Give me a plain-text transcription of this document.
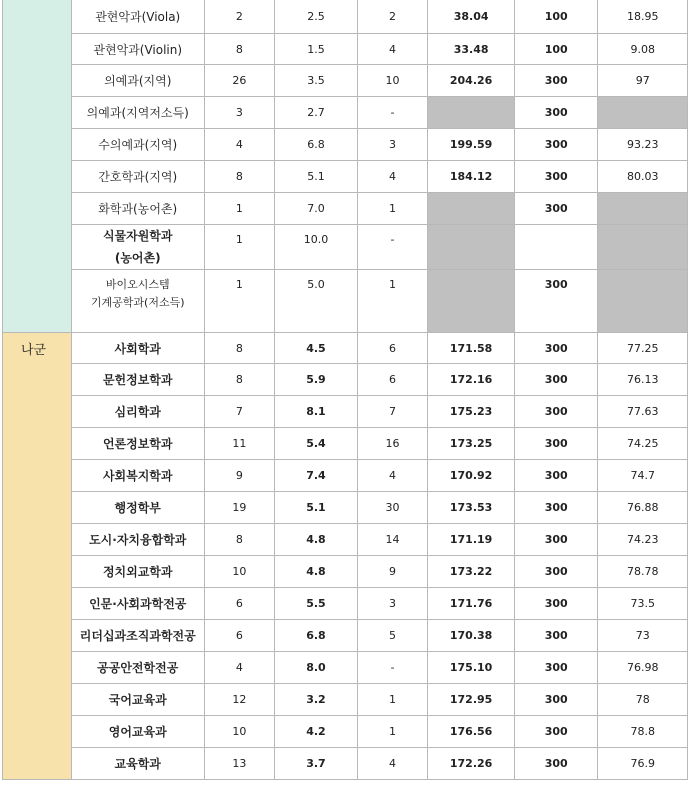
	관현악과(Viola)	2	2.5	2	38.04	100	18.95
	관현악과(Violin)	8	1.5	4	33.48	100	9.08
	의예과(지역)	26	3.5	10	204.26	300	97
	의예과(지역저소득)	3	2.7	-		300	
	수의예과(지역)	4	6.8	3	199.59	300	93.23
	간호학과(지역)	8	5.1	4	184.12	300	80.03
	화학과(농어촌)	1	7.0	1		300	

	식물자원학과
(농어촌)	1	10.0	-			

	바이오시스템
기계공학과(저소득)	1	5.0	1		300	
나군	사회학과	8	4.5	6	171.58	300	77.25
	문헌정보학과	8	5.9	6	172.16	300	76.13
	심리학과	7	8.1	7	175.23	300	77.63
	언론정보학과	11	5.4	16	173.25	300	74.25
	사회복지학과	9	7.4	4	170.92	300	74.7
	행정학부	19	5.1	30	173.53	300	76.88
	도시·자치융합학과	8	4.8	14	171.19	300	74.23
	정치외교학과	10	4.8	9	173.22	300	78.78
	인문·사회과학전공	6	5.5	3	171.76	300	73.5
	리더십과조직과학전공	6	6.8	5	170.38	300	73
	공공안전학전공	4	8.0	-	175.10	300	76.98
	국어교육과	12	3.2	1	172.95	300	78
	영어교육과	10	4.2	1	176.56	300	78.8
	교육학과	13	3.7	4	172.26	300	76.9
